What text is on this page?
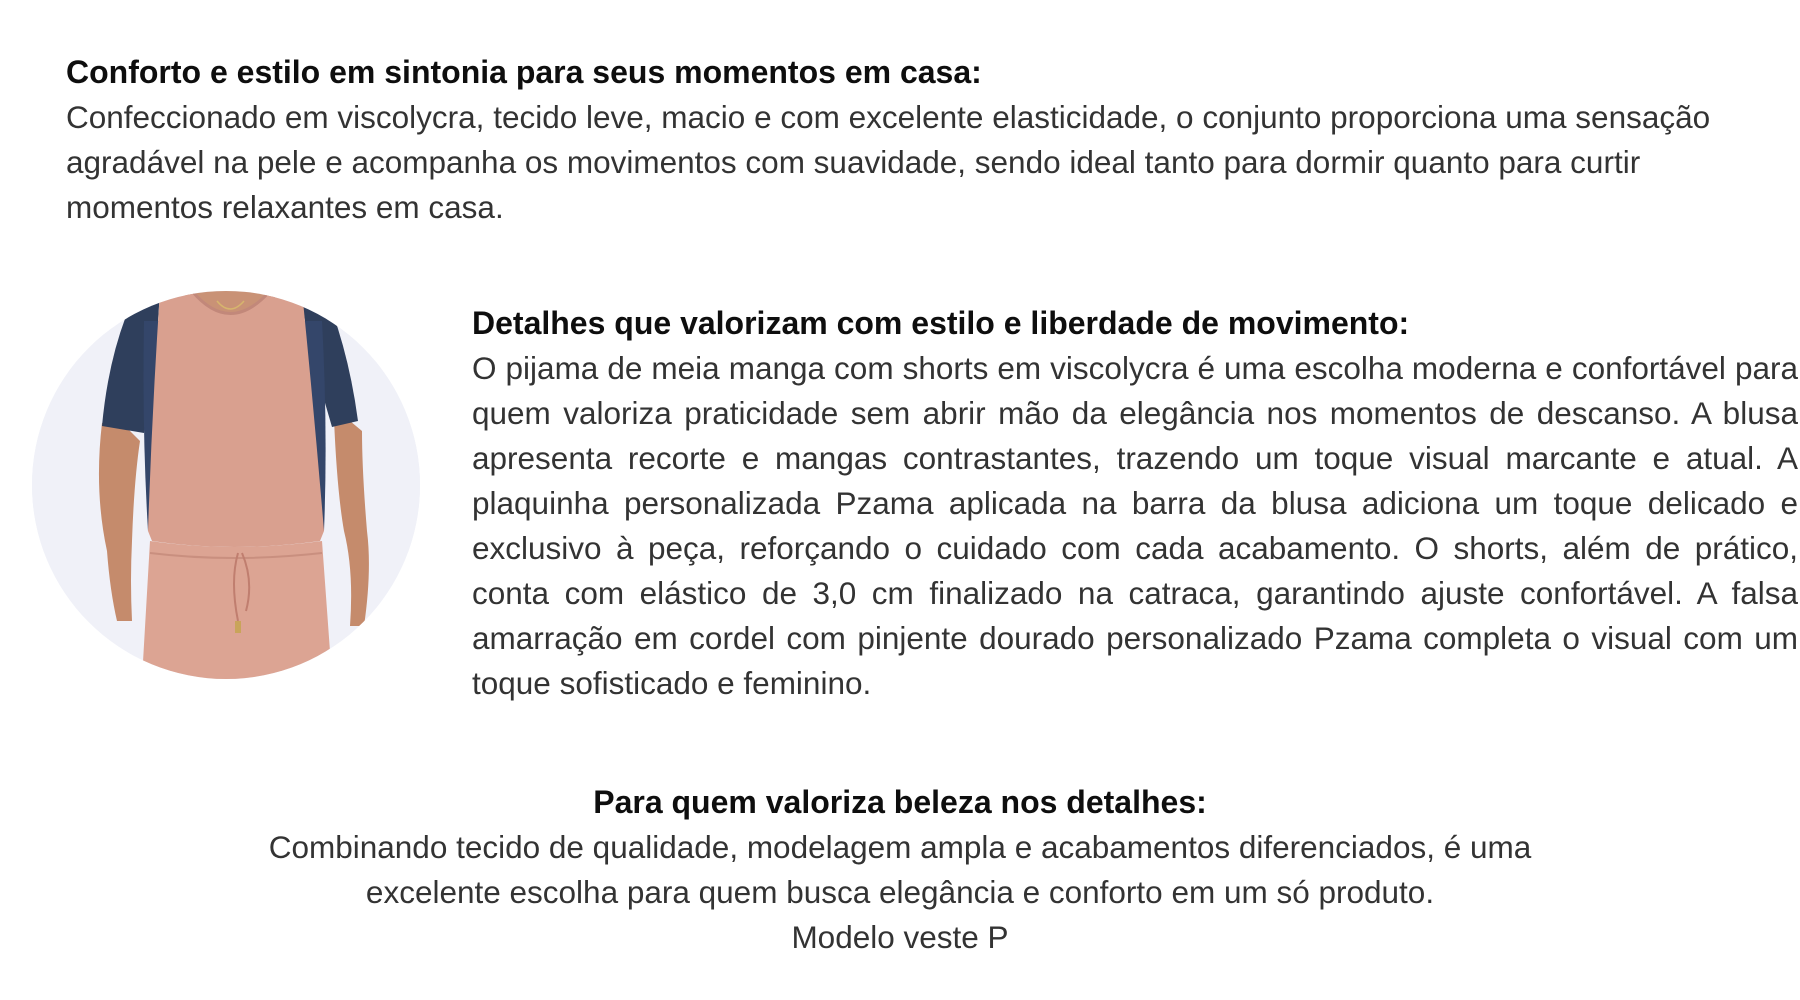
Conforto e estilo em sintonia para seus momentos em casa:

Confeccionado em viscolycra, tecido leve, macio e com excelente elasticidade, o conjunto proporciona uma sensação agradável na pele e acompanha os movimentos com suavidade, sendo ideal tanto para dormir quanto para curtir momentos relaxantes em casa.

Detalhes que valorizam com estilo e liberdade de movimento:

O pijama de meia manga com shorts em viscolycra é uma escolha moderna e confortável para quem valoriza praticidade sem abrir mão da elegância nos momentos de descanso. A blusa apresenta recorte e mangas contrastantes, trazendo um toque visual marcante e atual. A plaquinha personalizada Pzama aplicada na barra da blusa adiciona um toque delicado e exclusivo à peça, reforçando o cuidado com cada acabamento. O shorts, além de prático, conta com elástico de 3,0 cm finalizado na catraca, garantindo ajuste confortável. A falsa amarração em cordel com pinjente dourado personalizado Pzama completa o visual com um toque sofisticado e feminino.

Para quem valoriza beleza nos detalhes:

Combinando tecido de qualidade, modelagem ampla e acabamentos diferenciados, é uma excelente escolha para quem busca elegância e conforto em um só produto.

Modelo veste P
